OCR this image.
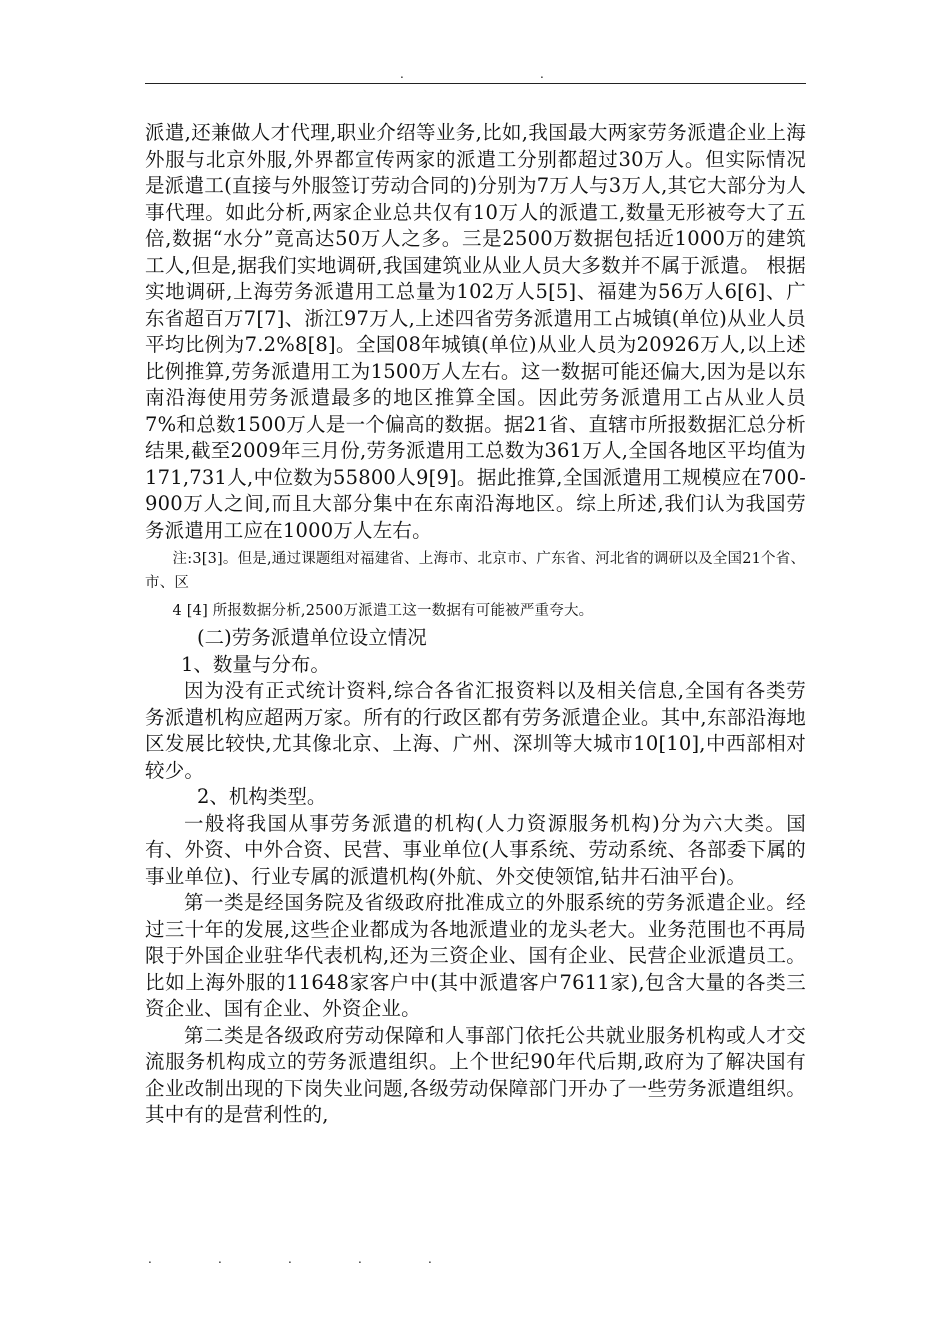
.	.

派遣,还兼做人才代理,职业介绍等业务,比如,我国最大两家劳务派遣企业上海外服与北京外服,外界都宣传两家的派遣工分别都超过30万人。但实际情况是派遣工(直接与外服签订劳动合同的)分别为7万人与3万人,其它大部分为人事代理。如此分析,两家企业总共仅有10万人的派遣工,数量无形被夸大了五倍,数据“水分”竟高达50万人之多。三是2500万数据包括近1000万的建筑工人,但是,据我们实地调研,我国建筑业从业人员大多数并不属于派遣。 根据实地调研,上海劳务派遣用工总量为102万人5[5]、福建为56万人6[6]、广东省超百万7[7]、浙江97万人,上述四省劳务派遣用工占城镇(单位)从业人员平均比例为7.2%8[8]。全国08年城镇(单位)从业人员为20926万人,以上述比例推算,劳务派遣用工为1500万人左右。这一数据可能还偏大,因为是以东南沿海使用劳务派遣最多的地区推算全国。因此劳务派遣用工占从业人员7%和总数1500万人是一个偏高的数据。据21省、直辖市所报数据汇总分析结果,截至2009年三月份,劳务派遣用工总数为361万人,全国各地区平均值为171,731人,中位数为55800人9[9]。据此推算,全国派遣用工规模应在700-900万人之间,而且大部分集中在东南沿海地区。综上所述,我们认为我国劳务派遣用工应在1000万人左右。

注:3[3]。但是,通过课题组对福建省、上海市、北京市、广东省、河北省的调研以及全国21个省、市、区

4 [4] 所报数据分析,2500万派遣工这一数据有可能被严重夸大。

(二)劳务派遣单位设立情况

1、数量与分布。

因为没有正式统计资料,综合各省汇报资料以及相关信息,全国有各类劳务派遣机构应超两万家。所有的行政区都有劳务派遣企业。其中,东部沿海地区发展比较快,尤其像北京、上海、广州、深圳等大城市10[10],中西部相对较少。

2、机构类型。

一般将我国从事劳务派遣的机构(人力资源服务机构)分为六大类。国有、外资、中外合资、民营、事业单位(人事系统、劳动系统、各部委下属的事业单位)、行业专属的派遣机构(外航、外交使领馆,钻井石油平台)。

第一类是经国务院及省级政府批准成立的外服系统的劳务派遣企业。经过三十年的发展,这些企业都成为各地派遣业的龙头老大。业务范围也不再局限于外国企业驻华代表机构,还为三资企业、国有企业、民营企业派遣员工。比如上海外服的11648家客户中(其中派遣客户7611家),包含大量的各类三资企业、国有企业、外资企业。

第二类是各级政府劳动保障和人事部门依托公共就业服务机构或人才交流服务机构成立的劳务派遣组织。上个世纪90年代后期,政府为了解决国有企业改制出现的下岗失业问题,各级劳动保障部门开办了一些劳务派遣组织。其中有的是营利性的,

.	.	.	.	.
